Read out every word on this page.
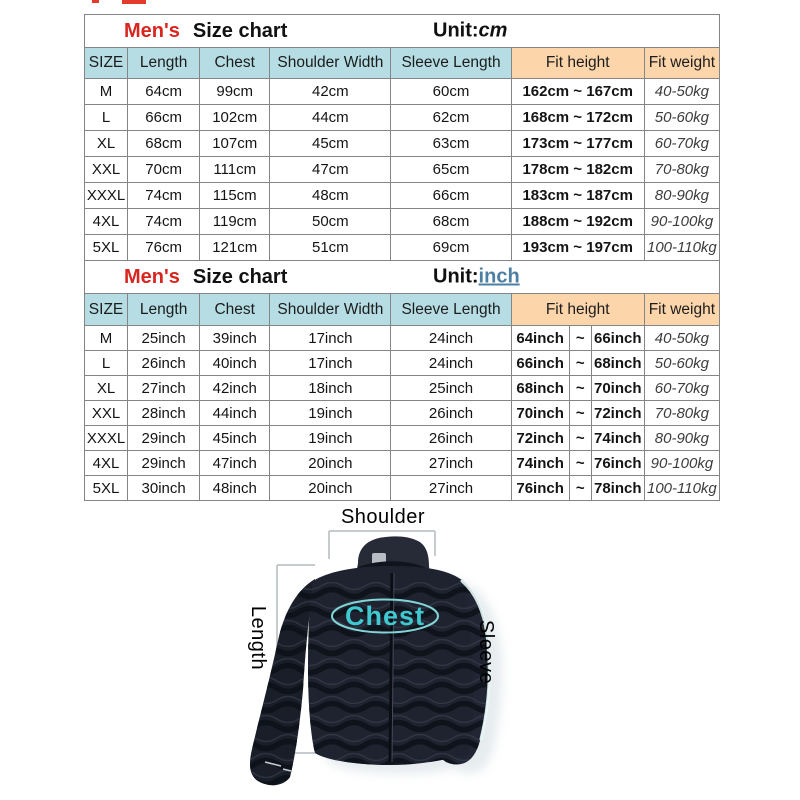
Men's Size chart Unit:cm						

SIZE	Length	Chest	Shoulder Width	Sleeve Length	Fit height	Fit weight
M	64cm	99cm	42cm	60cm	162cm ~ 167cm	40-50kg
L	66cm	102cm	44cm	62cm	168cm ~ 172cm	50-60kg
XL	68cm	107cm	45cm	63cm	173cm ~ 177cm	60-70kg
XXL	70cm	111cm	47cm	65cm	178cm ~ 182cm	70-80kg
XXXL	74cm	115cm	48cm	66cm	183cm ~ 187cm	80-90kg
4XL	74cm	119cm	50cm	68cm	188cm ~ 192cm	90-100kg
5XL	76cm	121cm	51cm	69cm	193cm ~ 197cm	100-110kg
Men's Size chart Unit:inch								

SIZE	Length	Chest	Shoulder Width	Sleeve Length	Fit height			Fit weight
M	25inch	39inch	17inch	24inch	64inch	~	66inch	40-50kg
L	26inch	40inch	17inch	24inch	66inch	~	68inch	50-60kg
XL	27inch	42inch	18inch	25inch	68inch	~	70inch	60-70kg
XXL	28inch	44inch	19inch	26inch	70inch	~	72inch	70-80kg
XXXL	29inch	45inch	19inch	26inch	72inch	~	74inch	80-90kg
4XL	29inch	47inch	20inch	27inch	74inch	~	76inch	90-100kg
5XL	30inch	48inch	20inch	27inch	76inch	~	78inch	100-110kg
Chest
Shoulder
Length	Sleeve
